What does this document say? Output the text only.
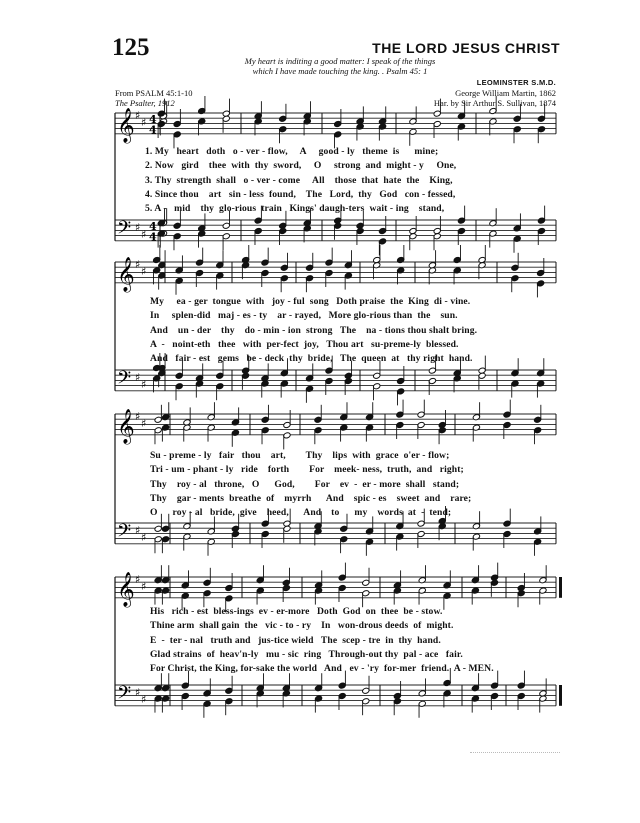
125	THE LORD JESUS CHRIST
My heart is inditing a good matter: I speak of the things
which I have made touching the king. . Psalm 45: 1
From PSALM 45:1-10
The Psalter, 1912
LEOMINSTER S.M.D.
George William Martin, 1862
Har. by Sir Arthur S. Sullivan, 1874
𝄞
𝄢
♯
♯
♯
♯
4
4
4
4
𝄞
𝄢
♯
♯
♯
♯
𝄞
𝄢
♯
♯
♯
♯
𝄞
𝄢
♯
♯
♯
♯
1. My   heart   doth   o - ver - flow,     A     good - ly   theme  is      mine;
2. Now   gird    thee  with  thy  sword,     O     strong  and  might - y     One,
3. Thy  strength  shall   o - ver - come     All    those  that  hate  the    King,
4. Since thou    art   sin - less  found,    The   Lord,  thy   God   con - fessed,
5. A -   mid    thy  glo-rious  train   Kings' daugh-ters  wait - ing    stand,
My     ea - ger  tongue  with   joy - ful  song   Doth praise  the  King  di - vine.
In     splen-did   maj - es - ty    ar - rayed,   More glo-rious than  the    sun.
And    un - der    thy    do - min - ion  strong   The    na - tions thou shalt bring.
A  -   noint-eth   thee   with  per-fect  joy,   Thou art   su-preme-ly  blessed.
And   fair - est   gems   be - deck  thy  bride,   The  queen  at   thy right  hand.
Su - preme - ly   fair   thou    art,        Thy    lips  with  grace  o'er - flow;
Tri - um - phant - ly   ride    forth        For    meek- ness,  truth,  and   right;
Thy    roy - al   throne,   O      God,        For    ev  -  er - more  shall   stand;
Thy    gar - ments  breathe  of    myrrh      And    spic - es    sweet  and    rare;
O      roy - al   bride,  give    heed,      And    to      my    words  at  -  tend;
His   rich - est  bless-ings  ev - er-more   Doth  God  on  thee  be - stow.
Thine arm  shall gain  the   vic - to - ry    In   won-drous deeds  of  might.
E  -  ter - nal   truth and   jus-tice wield   The  scep - tre  in  thy  hand.
Glad strains  of  heav'n-ly   mu - sic  ring   Through-out thy  pal - ace   fair.
For Christ, the King, for-sake the world   And   ev - 'ry  for-mer  friend.  A - MEN.
